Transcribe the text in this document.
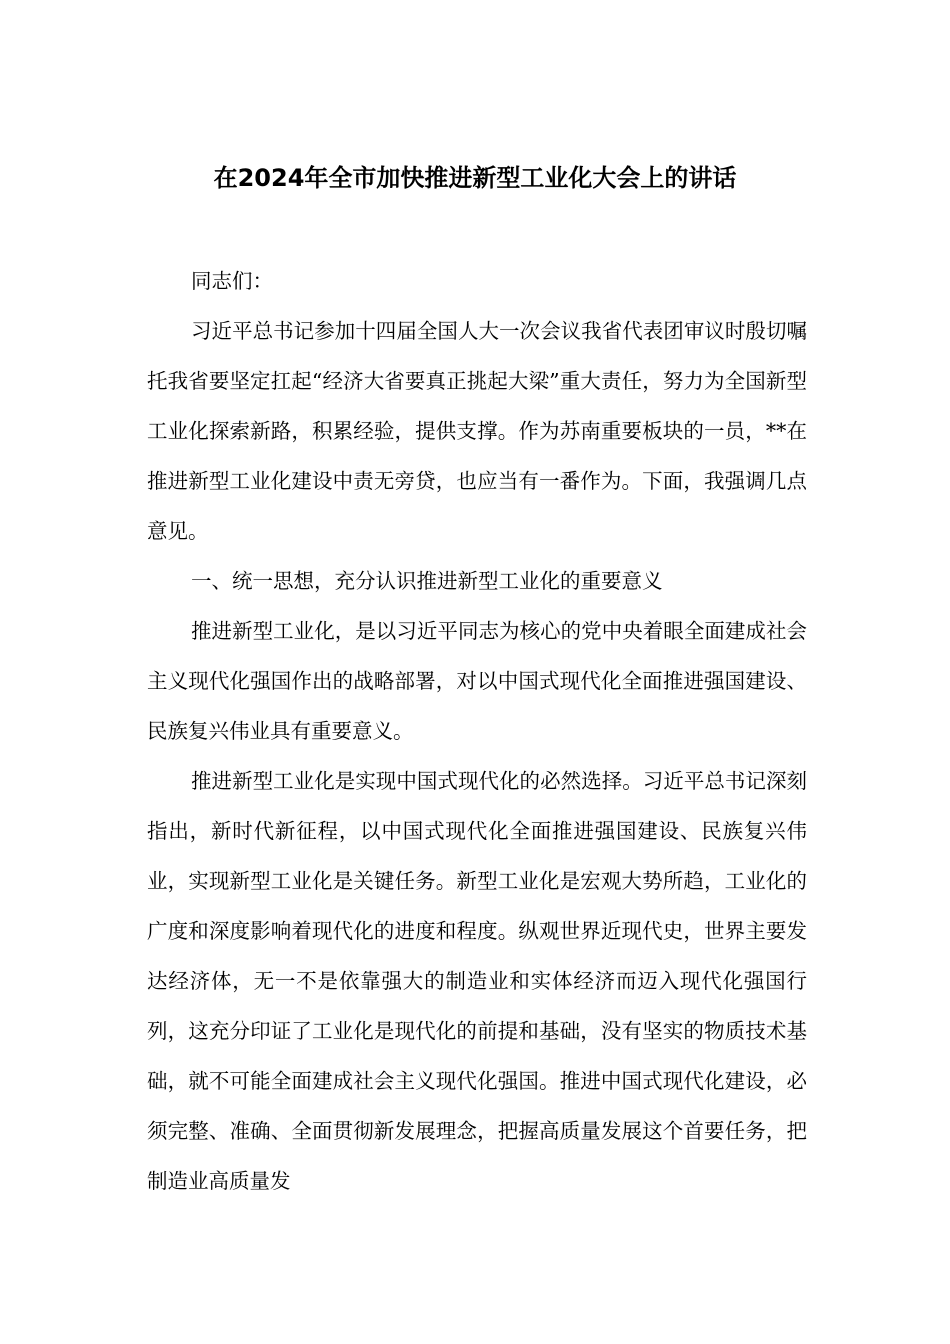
在2024年全市加快推进新型工业化大会上的讲话

同志们：

习近平总书记参加十四届全国人大一次会议我省代表团审议时殷切嘱托我省要坚定扛起“经济大省要真正挑起大梁”重大责任，努力为全国新型工业化探索新路，积累经验，提供支撑。作为苏南重要板块的一员，**在推进新型工业化建设中责无旁贷，也应当有一番作为。下面，我强调几点意见。

一、统一思想，充分认识推进新型工业化的重要意义

推进新型工业化，是以习近平同志为核心的党中央着眼全面建成社会主义现代化强国作出的战略部署，对以中国式现代化全面推进强国建设、民族复兴伟业具有重要意义。

推进新型工业化是实现中国式现代化的必然选择。习近平总书记深刻指出，新时代新征程，以中国式现代化全面推进强国建设、民族复兴伟业，实现新型工业化是关键任务。新型工业化是宏观大势所趋，工业化的广度和深度影响着现代化的进度和程度。纵观世界近现代史，世界主要发达经济体，无一不是依靠强大的制造业和实体经济而迈入现代化强国行列，这充分印证了工业化是现代化的前提和基础，没有坚实的物质技术基础，就不可能全面建成社会主义现代化强国。推进中国式现代化建设，必须完整、准确、全面贯彻新发展理念，把握高质量发展这个首要任务，把制造业高质量发
